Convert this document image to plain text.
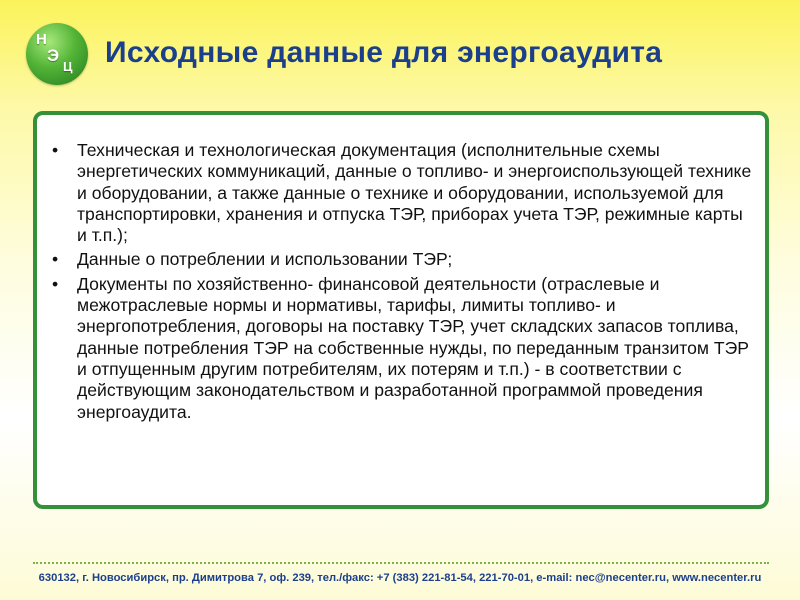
Н
Э
Ц Исходные данные для энергоаудита
• Техническая и технологическая документация (исполнительные схемы энергетических коммуникаций, данные о топливо- и энергоиспользующей технике и оборудовании, а также данные о технике и оборудовании, используемой для транспортировки, хранения и отпуска ТЭР, приборах учета ТЭР, режимные карты и т.п.);
• Данные о потреблении и использовании ТЭР;
• Документы по хозяйственно- финансовой деятельности (отраслевые и межотраслевые нормы и нормативы, тарифы, лимиты топливо- и энергопотребления, договоры на поставку ТЭР, учет складских запасов топлива, данные потребления ТЭР на собственные нужды, по переданным транзитом ТЭР и отпущенным другим потребителям, их потерям и т.п.) - в соответствии с действующим законодательством и разработанной программой проведения энергоаудита.
630132, г. Новосибирск, пр. Димитрова 7, оф. 239, тел./факс: +7 (383) 221-81-54, 221-70-01, e-mail: nec@necenter.ru, www.necenter.ru
